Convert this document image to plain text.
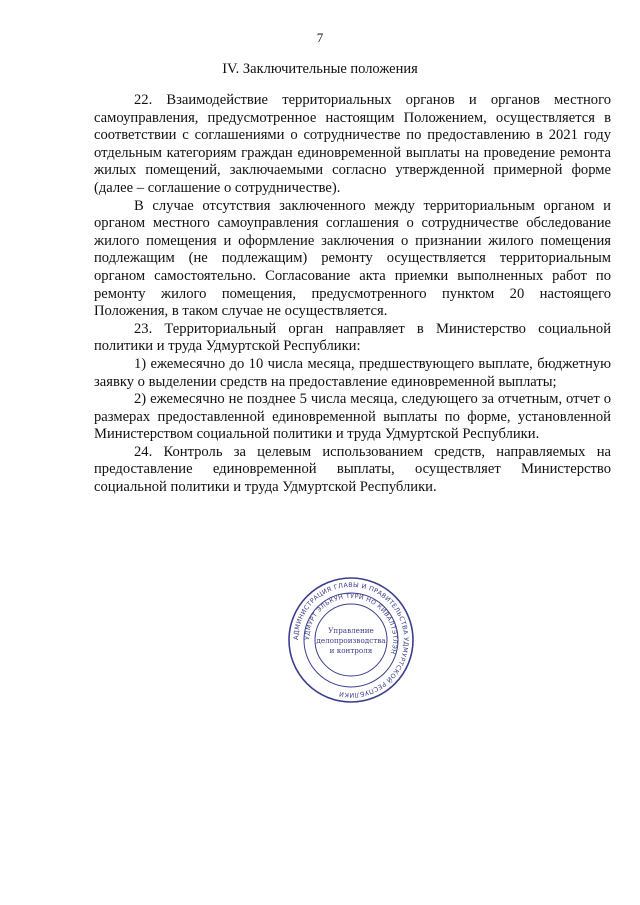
7
IV. Заключительные положения

22. Взаимодействие территориальных органов и органов местного самоуправления, предусмотренное настоящим Положением, осуществляется в соответствии с соглашениями о сотрудничестве по предоставлению в 2021 году отдельным категориям граждан единовременной выплаты на проведение ремонта жилых помещений, заключаемыми согласно утвержденной примерной форме (далее – соглашение о сотрудничестве).

В случае отсутствия заключенного между территориальным органом и органом местного самоуправления соглашения о сотрудничестве обследование жилого помещения и оформление заключения о признании жилого помещения подлежащим (не подлежащим) ремонту осуществляется территориальным органом самостоятельно. Согласование акта приемки выполненных работ по ремонту жилого помещения, предусмотренного пунктом 20 настоящего Положения, в таком случае не осуществляется.

23. Территориальный орган направляет в Министерство социальной политики и труда Удмуртской Республики:

1) ежемесячно до 10 числа месяца, предшествующего выплате, бюджетную заявку о выделении средств на предоставление единовременной выплаты;

2) ежемесячно не позднее 5 числа месяца, следующего за отчетным, отчет о размерах предоставленной единовременной выплаты по форме, установленной Министерством социальной политики и труда Удмуртской Республики.

24. Контроль за целевым использованием средств, направляемых на предоставление единовременной выплаты, осуществляет Министерство социальной политики и труда Удмуртской Республики.

АДМИНИСТРАЦИЯ ГЛАВЫ И ПРАВИТЕЛЬСТВА УДМУРТСКОЙ РЕСПУБЛИКИ
УДМУРТ ЭЛЬКУН ТУРИ НО КИВАЛТЭТЛЭН
Управление
делопроизводства
и контроля
